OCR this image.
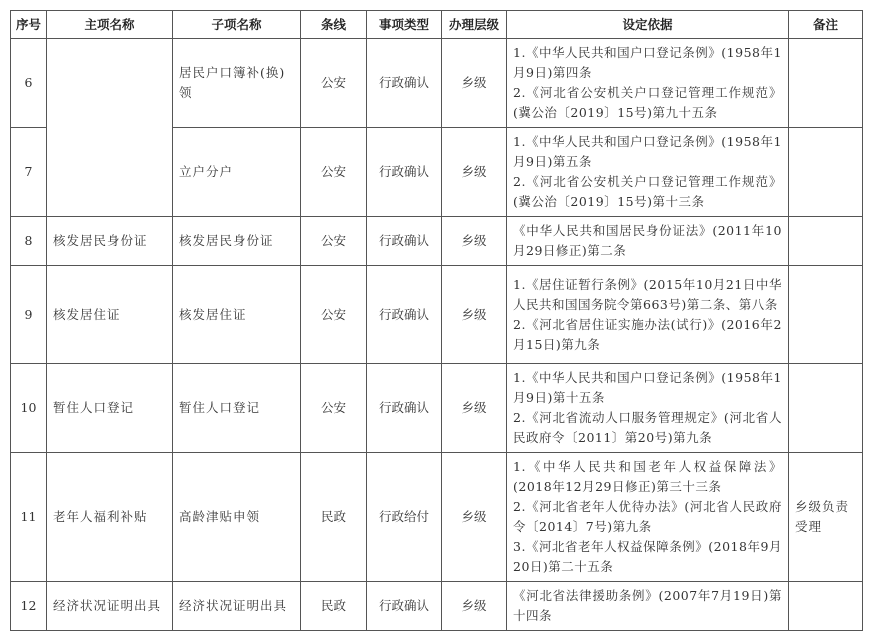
序号	主项名称	子项名称	条线	事项类型	办理层级	设定依据	备注
6		居民户口簿补(换)领	公安	行政确认	乡级	1.《中华人民共和国户口登记条例》(1958年1月9日)第四条
2.《河北省公安机关户口登记管理工作规范》(冀公治〔2019〕15号)第九十五条	

7		立户分户	公安	行政确认	乡级	1.《中华人民共和国户口登记条例》(1958年1月9日)第五条
2.《河北省公安机关户口登记管理工作规范》(冀公治〔2019〕15号)第十三条	

8	核发居民身份证	核发居民身份证	公安	行政确认	乡级	《中华人民共和国居民身份证法》(2011年10月29日修正)第二条	

9	核发居住证	核发居住证	公安	行政确认	乡级	1.《居住证暂行条例》(2015年10月21日中华人民共和国国务院令第663号)第二条、第八条
2.《河北省居住证实施办法(试行)》(2016年2月15日)第九条	

10	暂住人口登记	暂住人口登记	公安	行政确认	乡级	1.《中华人民共和国户口登记条例》(1958年1月9日)第十五条
2.《河北省流动人口服务管理规定》(河北省人民政府令〔2011〕第20号)第九条	

11	老年人福利补贴	高龄津贴申领	民政	行政给付	乡级	1.《中华人民共和国老年人权益保障法》(2018年12月29日修正)第三十三条
2.《河北省老年人优待办法》(河北省人民政府令〔2014〕7号)第九条
3.《河北省老年人权益保障条例》(2018年9月20日)第二十五条	乡级负责受理
12	经济状况证明出具	经济状况证明出具	民政	行政确认	乡级	《河北省法律援助条例》(2007年7月19日)第十四条	
